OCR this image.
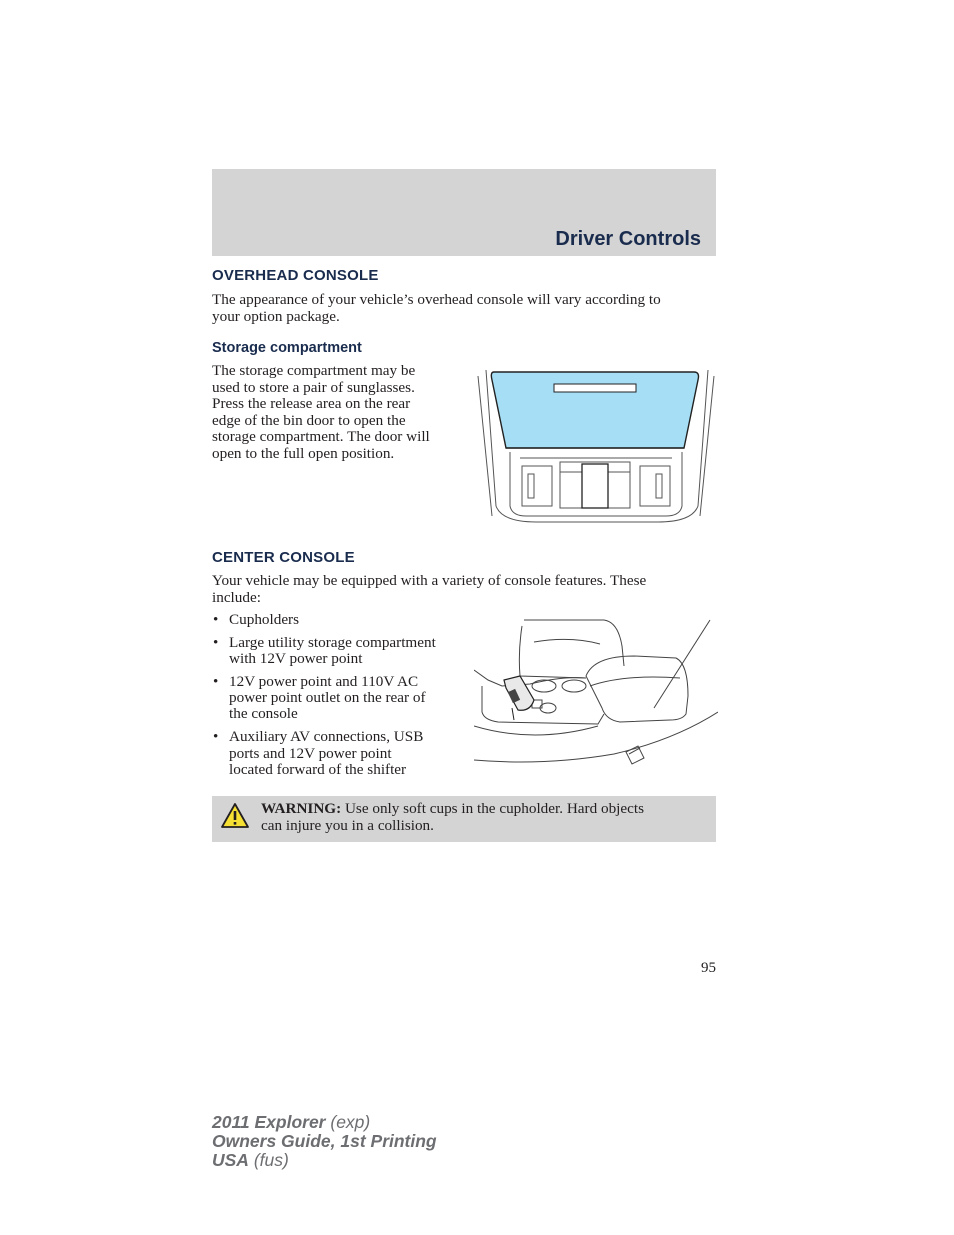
Driver Controls
OVERHEAD CONSOLE
The appearance of your vehicle’s overhead console will vary according to
your option package.
Storage compartment
The storage compartment may be
used to store a pair of sunglasses.
Press the release area on the rear
edge of the bin door to open the
storage compartment. The door will
open to the full open position.
CENTER CONSOLE
Your vehicle may be equipped with a variety of console features. These
include:
• Cupholders
• Large utility storage compartment
with 12V power point
• 12V power point and 110V AC
power point outlet on the rear of
the console
• Auxiliary AV connections, USB
ports and 12V power point
located forward of the shifter
WARNING: Use only soft cups in the cupholder. Hard objects
can injure you in a collision.
95
2011 Explorer (exp)
Owners Guide, 1st Printing
USA (fus)
